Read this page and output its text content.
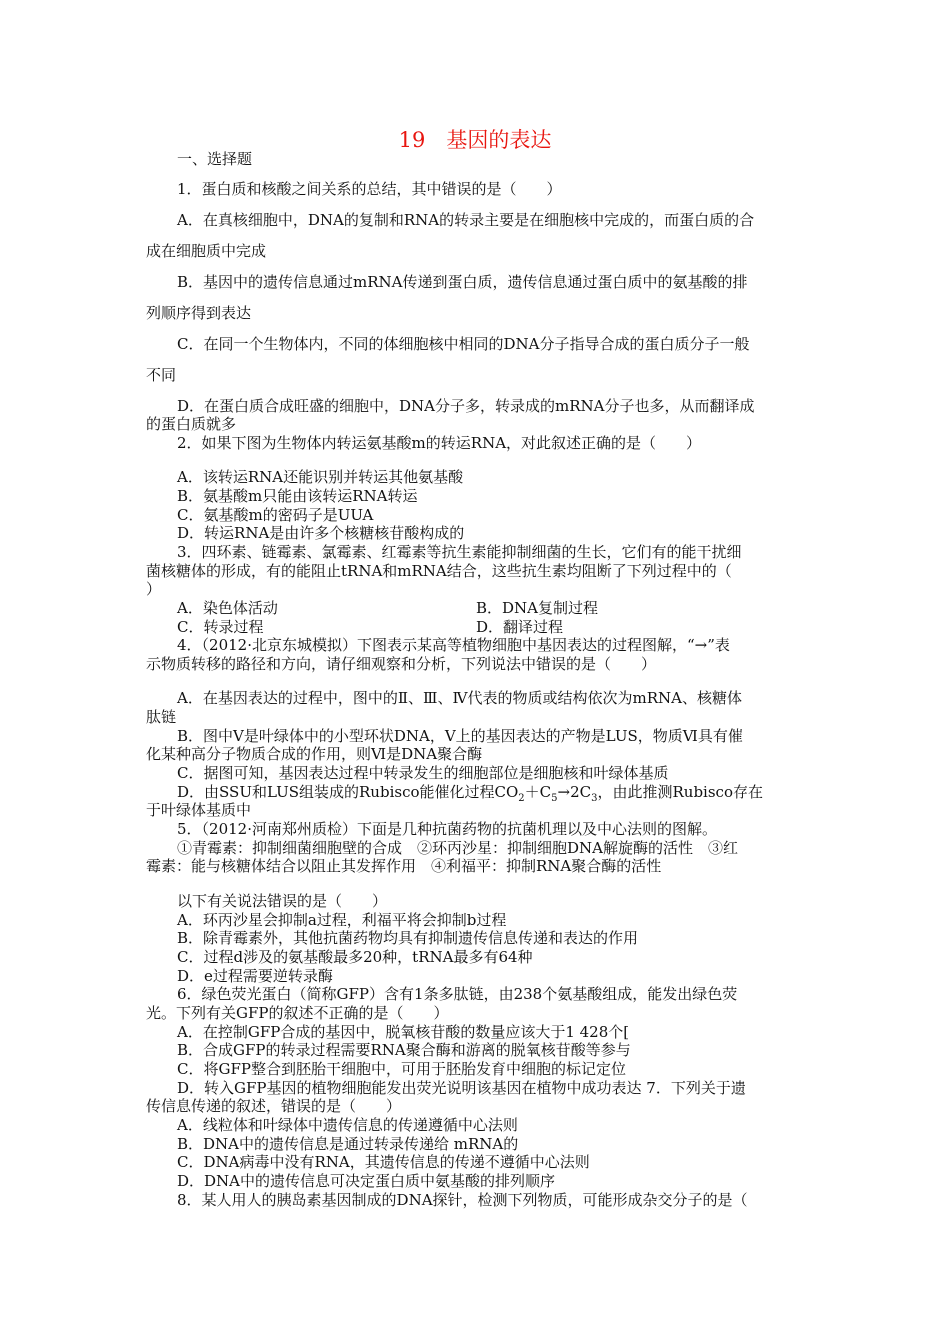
19　基因的表达

一、选择题

1．蛋白质和核酸之间关系的总结，其中错误的是（　　）

A．在真核细胞中，DNA的复制和RNA的转录主要是在细胞核中完成的，而蛋白质的合

成在细胞质中完成

B．基因中的遗传信息通过mRNA传递到蛋白质，遗传信息通过蛋白质中的氨基酸的排

列顺序得到表达

C．在同一个生物体内，不同的体细胞核中相同的DNA分子指导合成的蛋白质分子一般

不同

D．在蛋白质合成旺盛的细胞中，DNA分子多，转录成的mRNA分子也多，从而翻译成

的蛋白质就多

2．如果下图为生物体内转运氨基酸m的转运RNA，对此叙述正确的是（　　）

A．该转运RNA还能识别并转运其他氨基酸

B．氨基酸m只能由该转运RNA转运

C．氨基酸m的密码子是UUA

D．转运RNA是由许多个核糖核苷酸构成的

3．四环素、链霉素、氯霉素、红霉素等抗生素能抑制细菌的生长，它们有的能干扰细

菌核糖体的形成，有的能阻止tRNA和mRNA结合，这些抗生素均阻断了下列过程中的（

）

A．染色体活动	B．DNA复制过程

C．转录过程	D．翻译过程

4．（2012·北京东城模拟）下图表示某高等植物细胞中基因表达的过程图解，“→”表

示物质转移的路径和方向，请仔细观察和分析，下列说法中错误的是（　　）

A．在基因表达的过程中，图中的Ⅱ、Ⅲ、Ⅳ代表的物质或结构依次为mRNA、核糖体

肽链

B．图中Ⅴ是叶绿体中的小型环状DNA，Ⅴ上的基因表达的产物是LUS，物质Ⅵ具有催

化某种高分子物质合成的作用，则Ⅵ是DNA聚合酶

C．据图可知，基因表达过程中转录发生的细胞部位是细胞核和叶绿体基质

D．由SSU和LUS组装成的Rubisco能催化过程$CO_2+C_5\to 2C_3$，由此推测Rubisco存在

于叶绿体基质中

5．（2012·河南郑州质检）下面是几种抗菌药物的抗菌机理以及中心法则的图解。

①青霉素：抑制细菌细胞壁的合成　②环丙沙星：抑制细胞DNA解旋酶的活性　③红

霉素：能与核糖体结合以阻止其发挥作用　④利福平：抑制RNA聚合酶的活性

以下有关说法错误的是（　　）

A．环丙沙星会抑制a过程，利福平将会抑制b过程

B．除青霉素外，其他抗菌药物均具有抑制遗传信息传递和表达的作用

C．过程d涉及的氨基酸最多20种，tRNA最多有64种

D．e过程需要逆转录酶

6．绿色荧光蛋白（简称GFP）含有1条多肽链，由238个氨基酸组成，能发出绿色荧

光。下列有关GFP的叙述不正确的是（　　）

A．在控制GFP合成的基因中，脱氧核苷酸的数量应该大于1 428个[

B．合成GFP的转录过程需要RNA聚合酶和游离的脱氧核苷酸等参与

C．将GFP整合到胚胎干细胞中，可用于胚胎发育中细胞的标记定位

D．转入GFP基因的植物细胞能发出荧光说明该基因在植物中成功表达 7．下列关于遗

传信息传递的叙述，错误的是（　　）

A．线粒体和叶绿体中遗传信息的传递遵循中心法则

B．DNA中的遗传信息是通过转录传递给 mRNA的

C．DNA病毒中没有RNA，其遗传信息的传递不遵循中心法则

D．DNA中的遗传信息可决定蛋白质中氨基酸的排列顺序

8．某人用人的胰岛素基因制成的DNA探针，检测下列物质，可能形成杂交分子的是（
